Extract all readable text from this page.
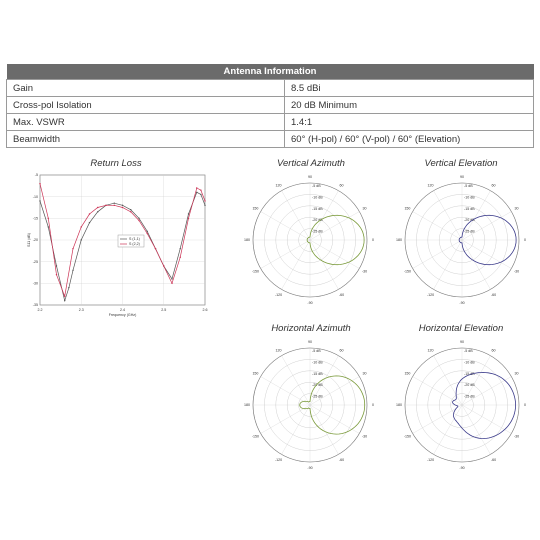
Antenna Information	
Gain	8.5 dBi
Cross-pol Isolation	20 dB Minimum
Max. VSWR	1.4:1
Beamwidth	60° (H-pol) / 60° (V-pol) / 60° (Elevation)
Return Loss	Vertical Azimuth	Vertical Elevation
Horizontal Azimuth	Horizontal Elevation
2.2	2.3	2.4	2.5	2.6
-5
-10
-15
-20
-25
-30
-35
Frequency (GHz)
S11 (dB)	S (1,1)
S (2,2)
90
60
30
0
-30
-60
-90
-120
-150
180
150
120	-5 dB
-10 dB
-15 dB
-20 dB
-25 dB
90
60
30
0
-30
-60
-90
-120
-150
180
150
120	-5 dB
-10 dB
-15 dB
-20 dB
-25 dB
90
60
30
0
-30
-60
-90
-120
-150
180
150
120	-5 dB
-10 dB
-15 dB
-20 dB
-25 dB
90
60
30
0
-30
-60
-90
-120
-150
180
150
120	-5 dB
-10 dB
-15 dB
-20 dB
-25 dB
